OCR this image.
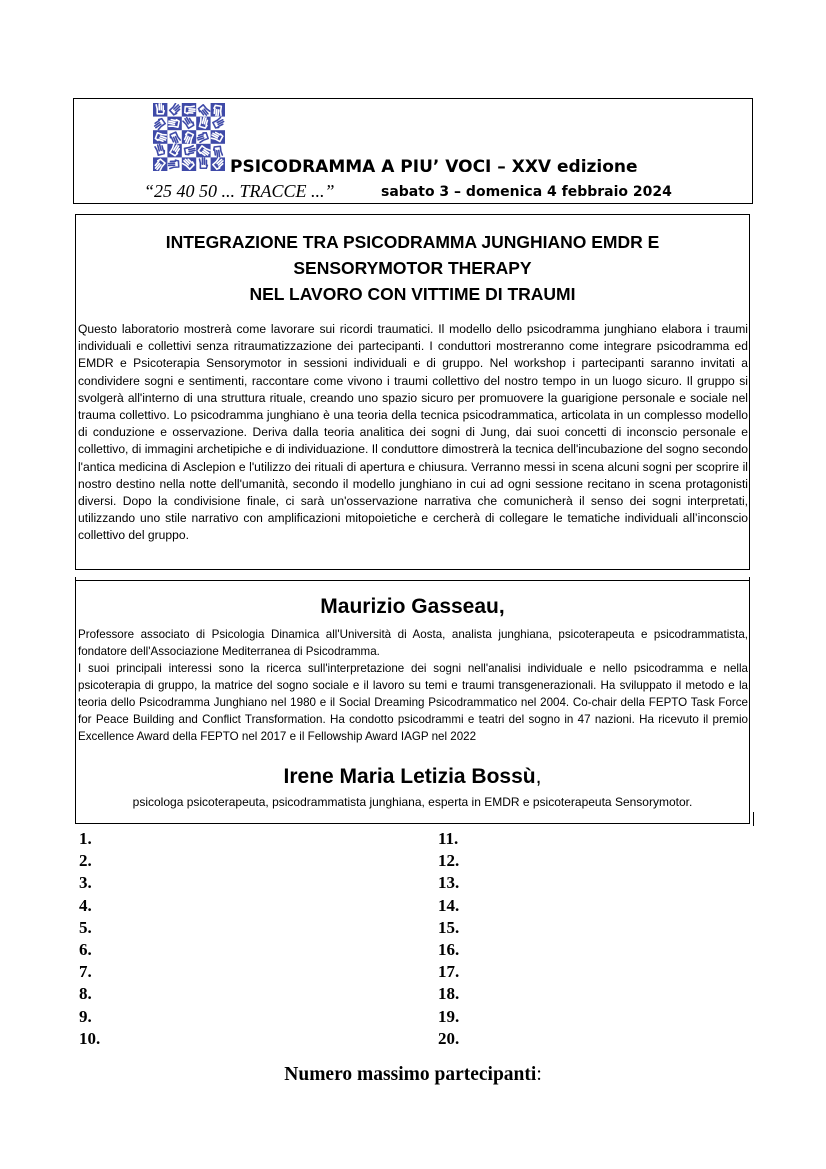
PSICODRAMMA A PIU’ VOCI – XXV edizione
“25 40 50 ... TRACCE ...”	sabato 3 – domenica 4 febbraio 2024
INTEGRAZIONE TRA PSICODRAMMA JUNGHIANO EMDR E
SENSORYMOTOR THERAPY
NEL LAVORO CON VITTIME DI TRAUMI

Questo laboratorio mostrerà come lavorare sui ricordi traumatici. Il modello dello psicodramma junghiano elabora i traumi individuali e collettivi senza ritraumatizzazione dei partecipanti. I conduttori mostreranno come integrare psicodramma ed EMDR e Psicoterapia Sensorymotor in sessioni individuali e di gruppo. Nel workshop i partecipanti saranno invitati a condividere sogni e sentimenti, raccontare come vivono i traumi collettivo del nostro tempo in un luogo sicuro. Il gruppo si svolgerà all'interno di una struttura rituale, creando uno spazio sicuro per promuovere la guarigione personale e sociale nel trauma collettivo. Lo psicodramma junghiano è una teoria della tecnica psicodrammatica, articolata in un complesso modello di conduzione e osservazione. Deriva dalla teoria analitica dei sogni di Jung, dai suoi concetti di inconscio personale e collettivo, di immagini archetipiche e di individuazione. Il conduttore dimostrerà la tecnica dell'incubazione del sogno secondo l'antica medicina di Asclepion e l'utilizzo dei rituali di apertura e chiusura. Verranno messi in scena alcuni sogni per scoprire il nostro destino nella notte dell'umanità, secondo il modello junghiano in cui ad ogni sessione recitano in scena protagonisti diversi. Dopo la condivisione finale, ci sarà un'osservazione narrativa che comunicherà il senso dei sogni interpretati, utilizzando uno stile narrativo con amplificazioni mitopoietiche e cercherà di collegare le tematiche individuali all’inconscio collettivo del gruppo.

Maurizio Gasseau,

Professore associato di Psicologia Dinamica all'Università di Aosta, analista junghiana, psicoterapeuta e psicodrammatista, fondatore dell'Associazione Mediterranea di Psicodramma.

I suoi principali interessi sono la ricerca sull'interpretazione dei sogni nell'analisi individuale e nello psicodramma e nella psicoterapia di gruppo, la matrice del sogno sociale e il lavoro su temi e traumi transgenerazionali. Ha sviluppato il metodo e la teoria dello Psicodramma Junghiano nel 1980 e il Social Dreaming Psicodrammatico nel 2004. Co-chair della FEPTO Task Force for Peace Building and Conflict Transformation. Ha condotto psicodrammi e teatri del sogno in 47 nazioni. Ha ricevuto il premio Excellence Award della FEPTO nel 2017 e il Fellowship Award IAGP nel 2022

Irene Maria Letizia Bossù,
psicologa psicoterapeuta, psicodrammatista junghiana, esperta in EMDR e psicoterapeuta Sensorymotor.
1.
2.
3.
4.
5.
6.
7.
8.
9.
10.
11.
12.
13.
14.
15.
16.
17.
18.
19.
20.
Numero massimo partecipanti:
